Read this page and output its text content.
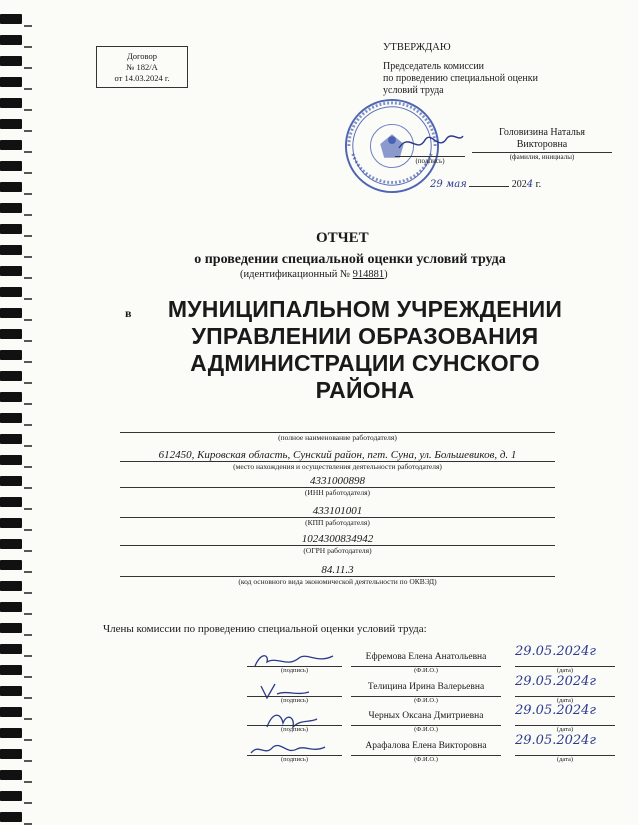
Договор
№ 182/А
от 14.03.2024 г.
УТВЕРЖДАЮ
Председатель комиссии
по проведению специальной оценки
условий труда
Головизина Наталья
Викторовна
(фамилия, инициалы)
(подпись)
29 мая	2024 г.
ОТЧЕТ
о проведении специальной оценки условий труда
(идентификационный № 914881)
в	МУНИЦИПАЛЬНОМ УЧРЕЖДЕНИИ УПРАВЛЕНИИ ОБРАЗОВАНИЯ АДМИНИСТРАЦИИ СУНСКОГО РАЙОНА
(полное наименование работодателя)
612450, Кировская область, Сунский район, пгт. Суна, ул. Большевиков, д. 1
(место нахождения и осуществления деятельности работодателя)
4331000898
(ИНН работодателя)
433101001
(КПП работодателя)
1024300834942
(ОГРН работодателя)
84.11.3
(код основного вида экономической деятельности по ОКВЭД)
Члены комиссии по проведению специальной оценки условий труда:
(подпись)
Ефремова Елена Анатольевна
(Ф.И.О.)
29.05.2024г
(дата)
(подпись)
Телицина Ирина Валерьевна
(Ф.И.О.)
29.05.2024г
(дата)
(подпись)
Черных Оксана Дмитриевна
(Ф.И.О.)
29.05.2024г
(дата)
(подпись)
Арафалова Елена Викторовна
(Ф.И.О.)
29.05.2024г
(дата)
